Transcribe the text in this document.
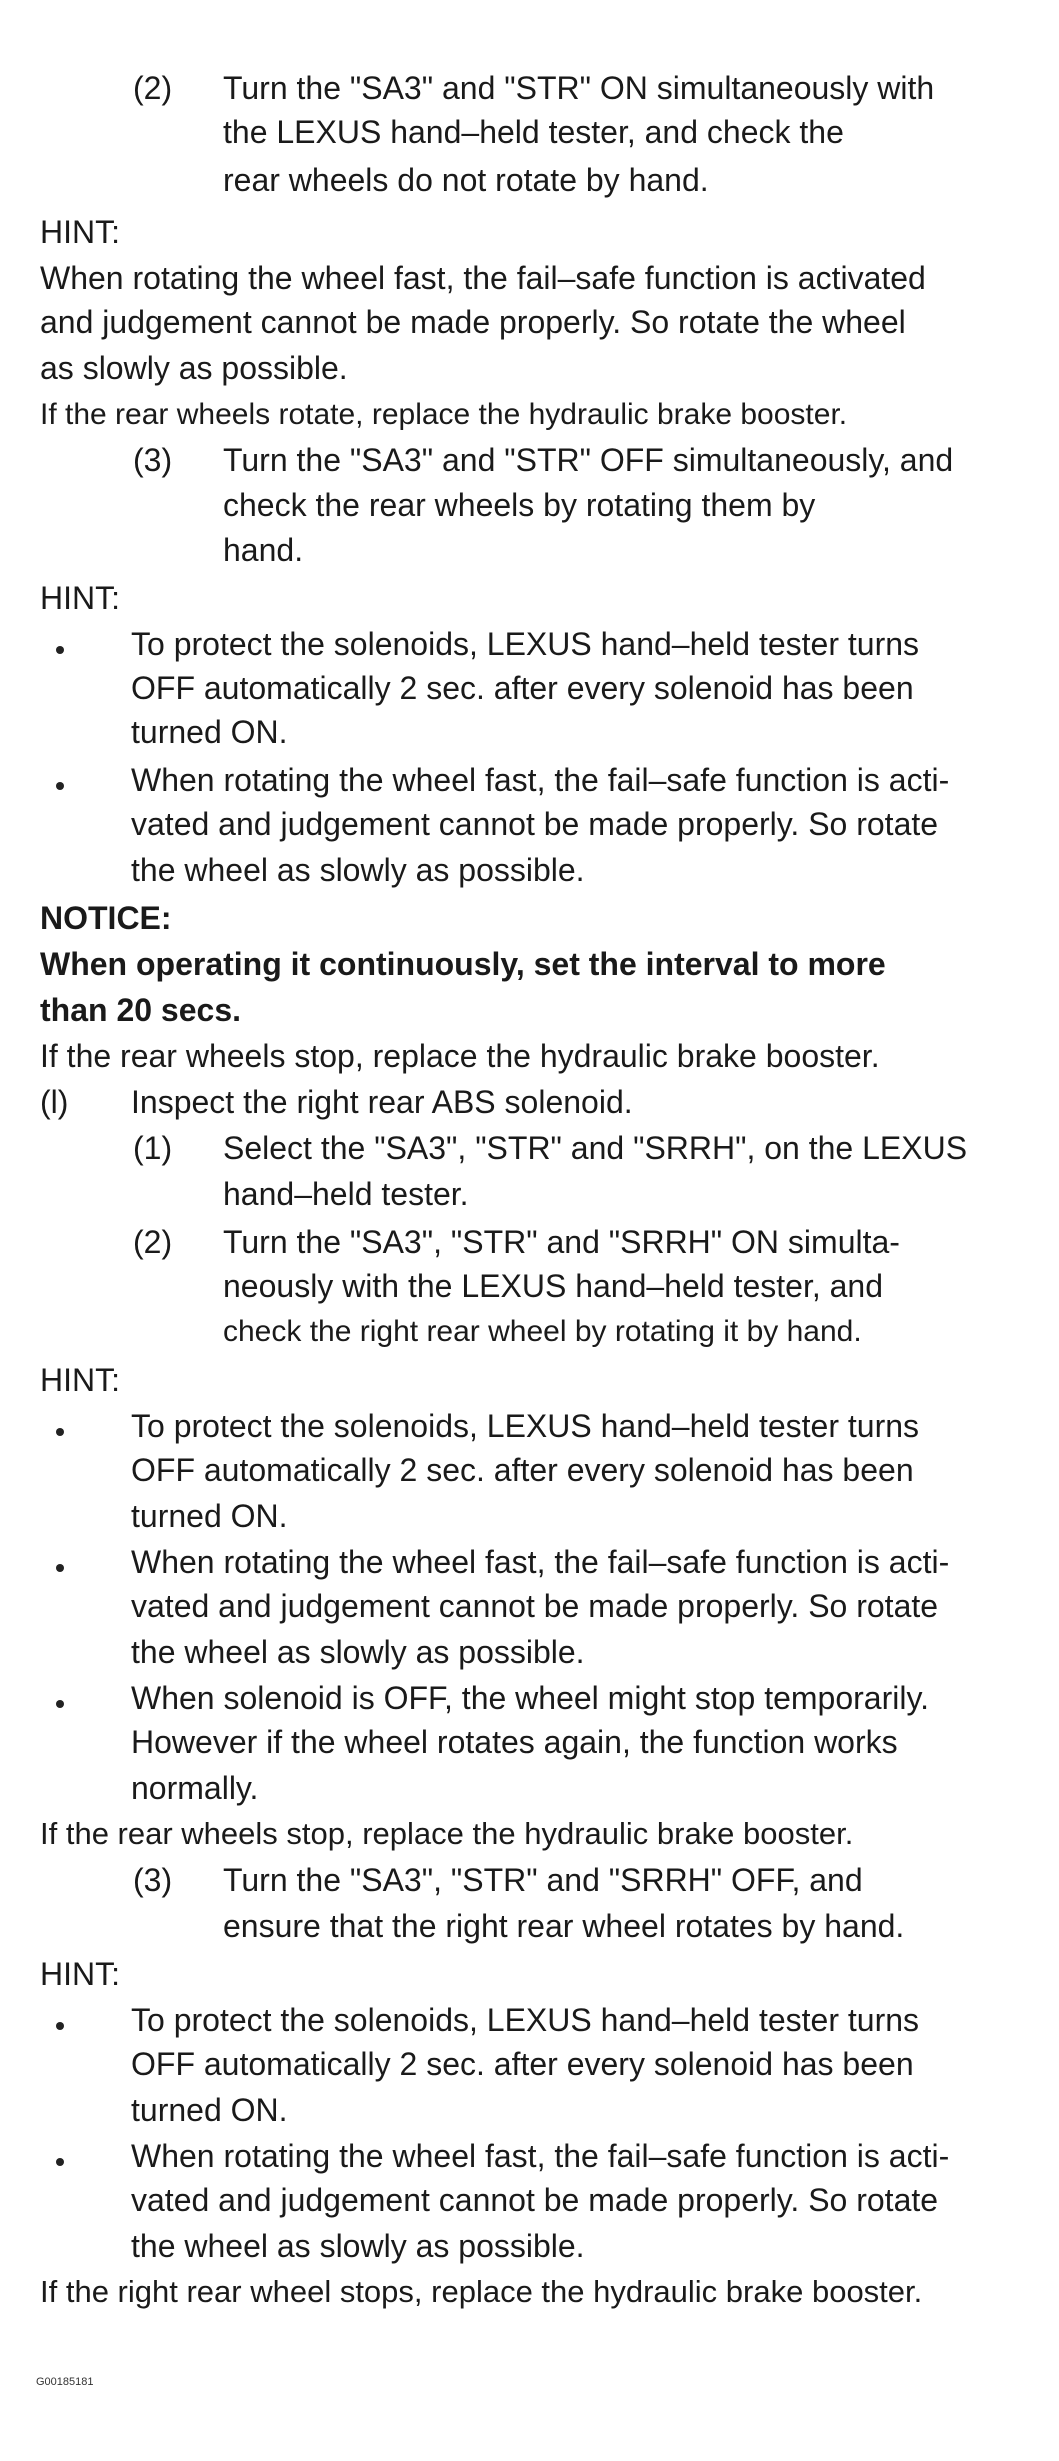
(2) Turn the "SA3" and "STR" ON simultaneously with

the LEXUS hand–held tester, and check the

rear wheels do not rotate by hand.

HINT:

When rotating the wheel fast, the fail–safe function is activated

and judgement cannot be made properly. So rotate the wheel

as slowly as possible.

If the rear wheels rotate, replace the hydraulic brake booster.

(3) Turn the "SA3" and "STR" OFF simultaneously, and

check the rear wheels by rotating them by

hand.

HINT:

To protect the solenoids, LEXUS hand–held tester turns

OFF automatically 2 sec. after every solenoid has been

turned ON.

When rotating the wheel fast, the fail–safe function is acti-

vated and judgement cannot be made properly. So rotate

the wheel as slowly as possible.

NOTICE:

When operating it continuously, set the interval to more

than 20 secs.

If the rear wheels stop, replace the hydraulic brake booster.

(l) Inspect the right rear ABS solenoid.

(1) Select the "SA3", "STR" and "SRRH", on the LEXUS

hand–held tester.

(2) Turn the "SA3", "STR" and "SRRH" ON simulta-

neously with the LEXUS hand–held tester, and

check the right rear wheel by rotating it by hand.

HINT:

To protect the solenoids, LEXUS hand–held tester turns

OFF automatically 2 sec. after every solenoid has been

turned ON.

When rotating the wheel fast, the fail–safe function is acti-

vated and judgement cannot be made properly. So rotate

the wheel as slowly as possible.

When solenoid is OFF, the wheel might stop temporarily.

However if the wheel rotates again, the function works

normally.

If the rear wheels stop, replace the hydraulic brake booster.

(3) Turn the "SA3", "STR" and "SRRH" OFF, and

ensure that the right rear wheel rotates by hand.

HINT:

To protect the solenoids, LEXUS hand–held tester turns

OFF automatically 2 sec. after every solenoid has been

turned ON.

When rotating the wheel fast, the fail–safe function is acti-

vated and judgement cannot be made properly. So rotate

the wheel as slowly as possible.

If the right rear wheel stops, replace the hydraulic brake booster.

G00185181
